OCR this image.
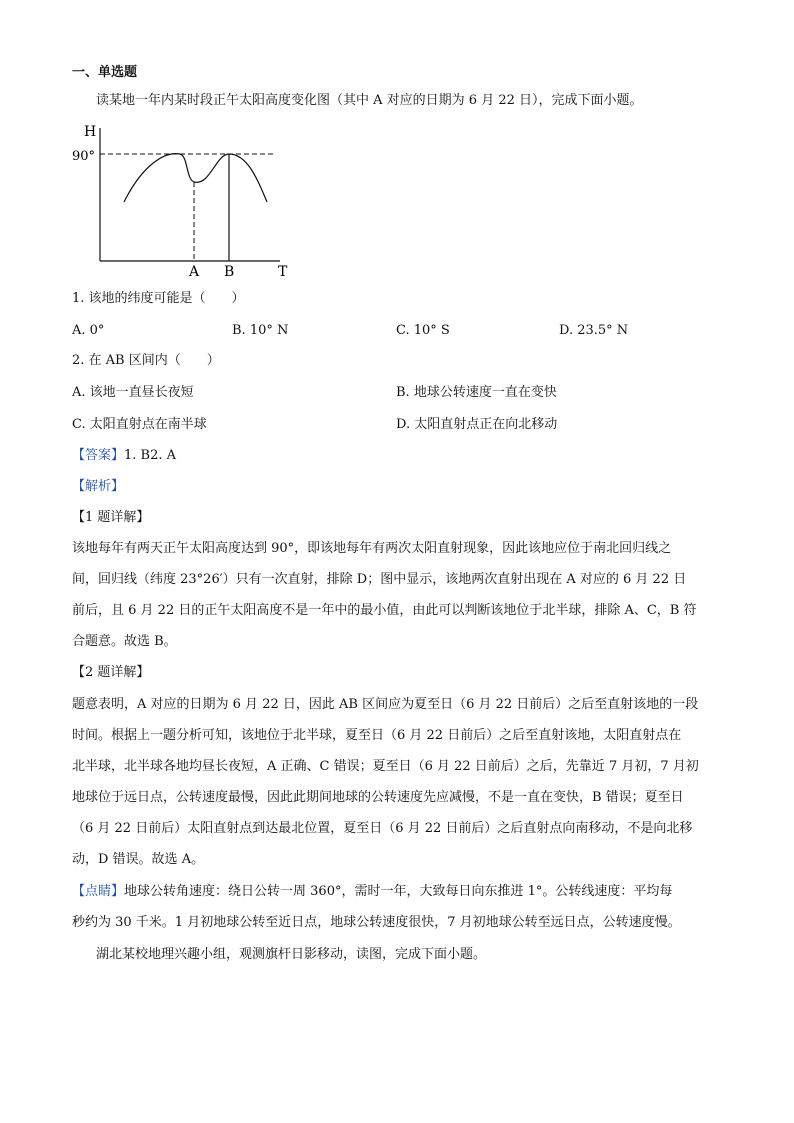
一、单选题
读某地一年内某时段正午太阳高度变化图（其中 A 对应的日期为 6 月 22 日），完成下面小题。
H
90°
A B	T
1. 该地的纬度可能是（　　）
A. 0°	B. 10° N	C. 10° S	D. 23.5° N
2. 在 AB 区间内（　　）
A. 该地一直昼长夜短	B. 地球公转速度一直在变快
C. 太阳直射点在南半球	D. 太阳直射点正在向北移动
【答案】1. B2. A
【解析】
【1 题详解】
该地每年有两天正午太阳高度达到 90°，即该地每年有两次太阳直射现象，因此该地应位于南北回归线之
间，回归线（纬度 23°26′）只有一次直射，排除 D；图中显示，该地两次直射出现在 A 对应的 6 月 22 日
前后，且 6 月 22 日的正午太阳高度不是一年中的最小值，由此可以判断该地位于北半球，排除 A、C，B 符
合题意。故选 B。
【2 题详解】
题意表明，A 对应的日期为 6 月 22 日，因此 AB 区间应为夏至日（6 月 22 日前后）之后至直射该地的一段
时间。根据上一题分析可知，该地位于北半球，夏至日（6 月 22 日前后）之后至直射该地，太阳直射点在
北半球，北半球各地均昼长夜短，A 正确、C 错误；夏至日（6 月 22 日前后）之后，先靠近 7 月初，7 月初
地球位于远日点，公转速度最慢，因此此期间地球的公转速度先应减慢，不是一直在变快，B 错误；夏至日
（6 月 22 日前后）太阳直射点到达最北位置，夏至日（6 月 22 日前后）之后直射点向南移动，不是向北移
动，D 错误。故选 A。
【点睛】地球公转角速度：绕日公转一周 360°，需时一年，大致每日向东推进 1°。公转线速度：平均每
秒约为 30 千米。1 月初地球公转至近日点，地球公转速度很快，7 月初地球公转至远日点，公转速度慢。
湖北某校地理兴趣小组，观测旗杆日影移动，读图，完成下面小题。
